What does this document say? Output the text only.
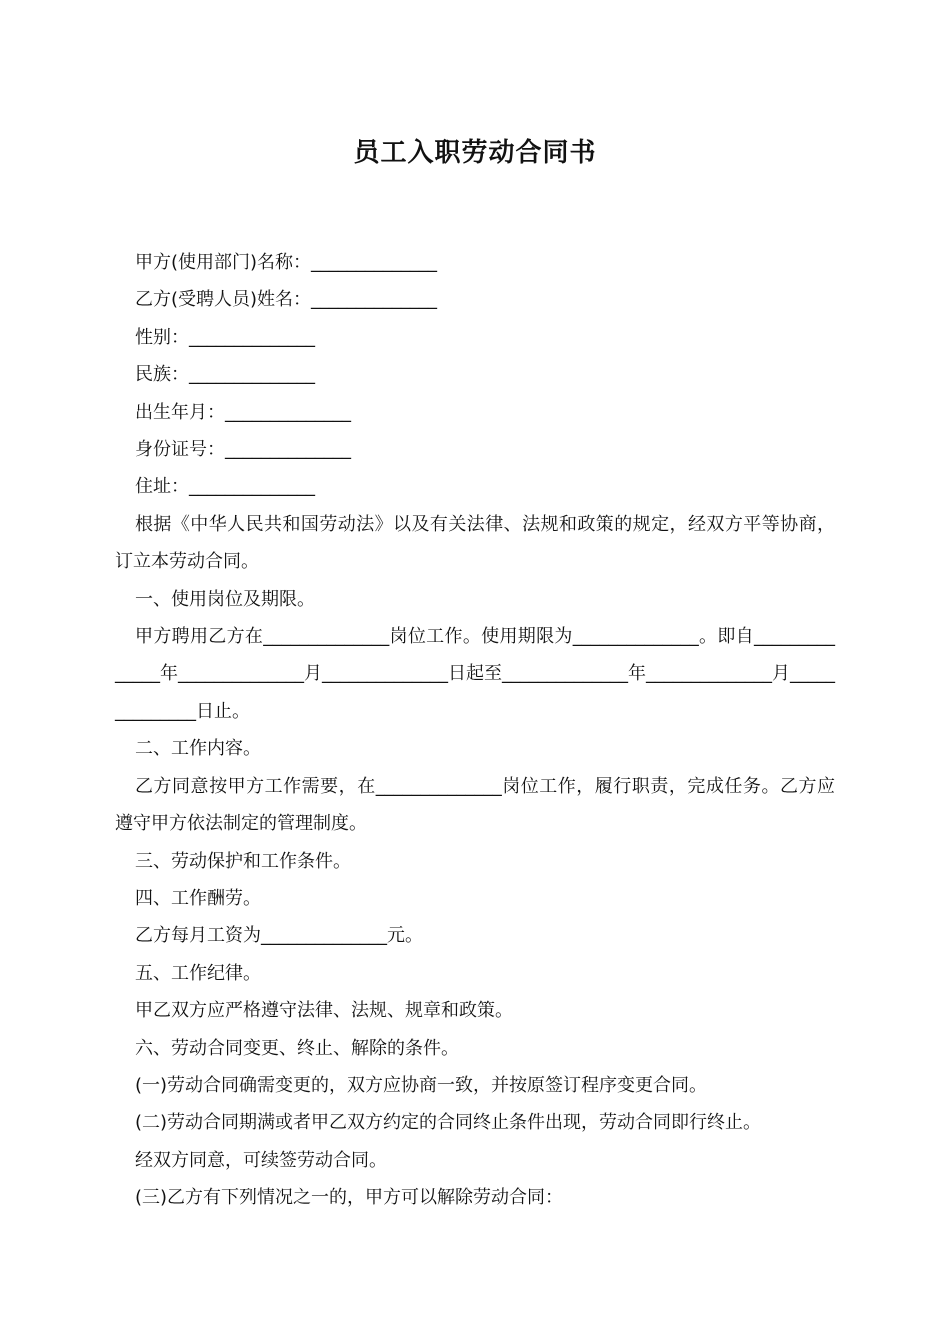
员工入职劳动合同书
甲方(使用部门)名称：______________
乙方(受聘人员)姓名：______________
性别：______________
民族：______________
出生年月：______________
身份证号：______________
住址：______________
根据《中华人民共和国劳动法》以及有关法律、法规和政策的规定，经双方平等协商，订立本劳动合同。
一、使用岗位及期限。
甲方聘用乙方在______________岗位工作。使用期限为______________。即自______________年______________月______________日起至______________年______________月______________日止。
二、工作内容。
乙方同意按甲方工作需要，在______________岗位工作，履行职责，完成任务。乙方应遵守甲方依法制定的管理制度。
三、劳动保护和工作条件。
四、工作酬劳。
乙方每月工资为______________元。
五、工作纪律。
甲乙双方应严格遵守法律、法规、规章和政策。
六、劳动合同变更、终止、解除的条件。
(一)劳动合同确需变更的，双方应协商一致，并按原签订程序变更合同。
(二)劳动合同期满或者甲乙双方约定的合同终止条件出现，劳动合同即行终止。
经双方同意，可续签劳动合同。
(三)乙方有下列情况之一的，甲方可以解除劳动合同：
